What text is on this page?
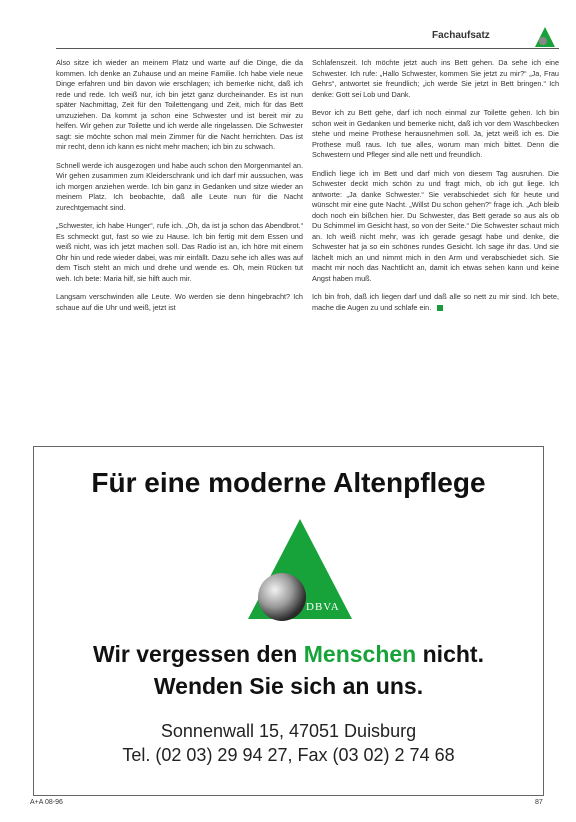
Fachaufsatz

Also sitze ich wieder an meinem Platz und warte auf die Dinge, die da kommen. Ich denke an Zuhause und an meine Familie. Ich habe viele neue Dinge erfahren und bin davon wie erschlagen; ich bemerke nicht, daß ich rede und rede. Ich weiß nur, ich bin jetzt ganz durcheinander. Es ist nun später Nachmittag, Zeit für den Toilettengang und Zeit, mich für das Bett umzuziehen. Da kommt ja schon eine Schwester und ist bereit mir zu helfen. Wir gehen zur Toilette und ich werde alle ringelassen. Die Schwester sagt: sie möchte schon mal mein Zimmer für die Nacht herrichten. Das ist mir recht, denn ich kann es nicht mehr machen; ich bin zu schwach.

Schnell werde ich ausgezogen und habe auch schon den Morgenmantel an. Wir gehen zusammen zum Kleiderschrank und ich darf mir aussuchen, was ich morgen anziehen werde. Ich bin ganz in Gedanken und sitze wieder an meinem Platz. Ich beobachte, daß alle Leute nun für die Nacht zurechtgemacht sind.

„Schwester, ich habe Hunger“, rufe ich. „Oh, da ist ja schon das Abendbrot.“ Es schmeckt gut, fast so wie zu Hause. Ich bin fertig mit dem Essen und weiß nicht, was ich jetzt machen soll. Das Radio ist an, ich höre mit einem Ohr hin und rede wieder dabei, was mir einfällt. Dazu sehe ich alles was auf dem Tisch steht an mich und drehe und wende es. Oh, mein Rücken tut weh. Ich bete: Maria hilf, sie hilft auch mir.

Langsam verschwinden alle Leute. Wo werden sie denn hingebracht? Ich schaue auf die Uhr und weiß, jetzt ist

Schlafenszeit. Ich möchte jetzt auch ins Bett gehen. Da sehe ich eine Schwester. Ich rufe: „Hallo Schwester, kommen Sie jetzt zu mir?“ „Ja, Frau Gehrs“, antwortet sie freundlich; „ich werde Sie jetzt in Bett bringen.“ Ich denke: Gott sei Lob und Dank.

Bevor ich zu Bett gehe, darf ich noch einmal zur Toilette gehen. Ich bin schon weit in Gedanken und bemerke nicht, daß ich vor dem Waschbecken stehe und meine Prothese herausnehmen soll. Ja, jetzt weiß ich es. Die Prothese muß raus. Ich tue alles, worum man mich bittet. Denn die Schwestern und Pfleger sind alle nett und freundlich.

Endlich liege ich im Bett und darf mich von diesem Tag ausruhen. Die Schwester deckt mich schön zu und fragt mich, ob ich gut liege. Ich antworte: „Ja danke Schwester.“ Sie verabschiedet sich für heute und wünscht mir eine gute Nacht. „Willst Du schon gehen?“ frage ich. „Ach bleib doch noch ein bißchen hier. Du Schwester, das Bett gerade so aus als ob Du Schimmel im Gesicht hast, so von der Seite.“ Die Schwester schaut mich an. Ich weiß nicht mehr, was ich gerade gesagt habe und denke, die Schwester hat ja so ein schönes rundes Gesicht. Ich sage ihr das. Und sie lächelt mich an und nimmt mich in den Arm und verabschiedet sich. Sie macht mir noch das Nachtlicht an, damit ich etwas sehen kann und keine Angst haben muß.

Ich bin froh, daß ich liegen darf und daß alle so nett zu mir sind. Ich bete, mache die Augen zu und schlafe ein.

Für eine moderne Altenpflege
DBVA
Wir vergessen den Menschen nicht.
Wenden Sie sich an uns.
Sonnenwall 15, 47051 Duisburg
Tel. (02 03) 29 94 27, Fax (03 02) 2 74 68
A+A 08-96	87
